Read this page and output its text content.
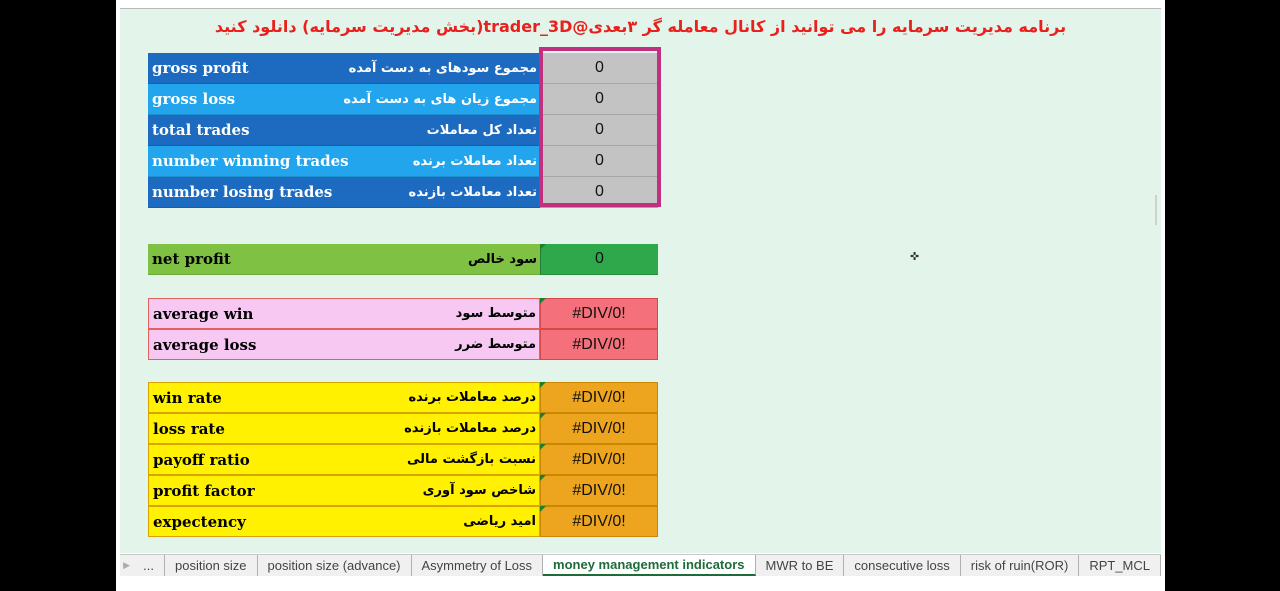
برنامه مدیریت سرمایه را می توانید از کانال معامله گر ۳بعدی@trader_3D(بخش مدیریت سرمایه) دانلود کنید
gross profit	مجموع سودهای به دست آمده	0
gross loss	مجموع زیان های به دست آمده	0
total trades	تعداد کل معاملات	0
number winning trades	تعداد معاملات برنده	0
number losing trades	تعداد معاملات بازنده	0
net profit	سود خالص	0
average win	متوسط سود	#DIV/0!
average loss	متوسط ضرر	#DIV/0!
win rate	درصد معاملات برنده	#DIV/0!
loss rate	درصد معاملات بازنده	#DIV/0!
payoff ratio	نسبت بازگشت مالی	#DIV/0!
profit factor	شاخص سود آوری	#DIV/0!
expectency	امید ریاضی	#DIV/0!
✜
▶	...	position size	position size (advance)	Asymmetry of Loss	money management indicators	MWR to BE	consecutive loss	risk of ruin(ROR)	RPT_MCL
